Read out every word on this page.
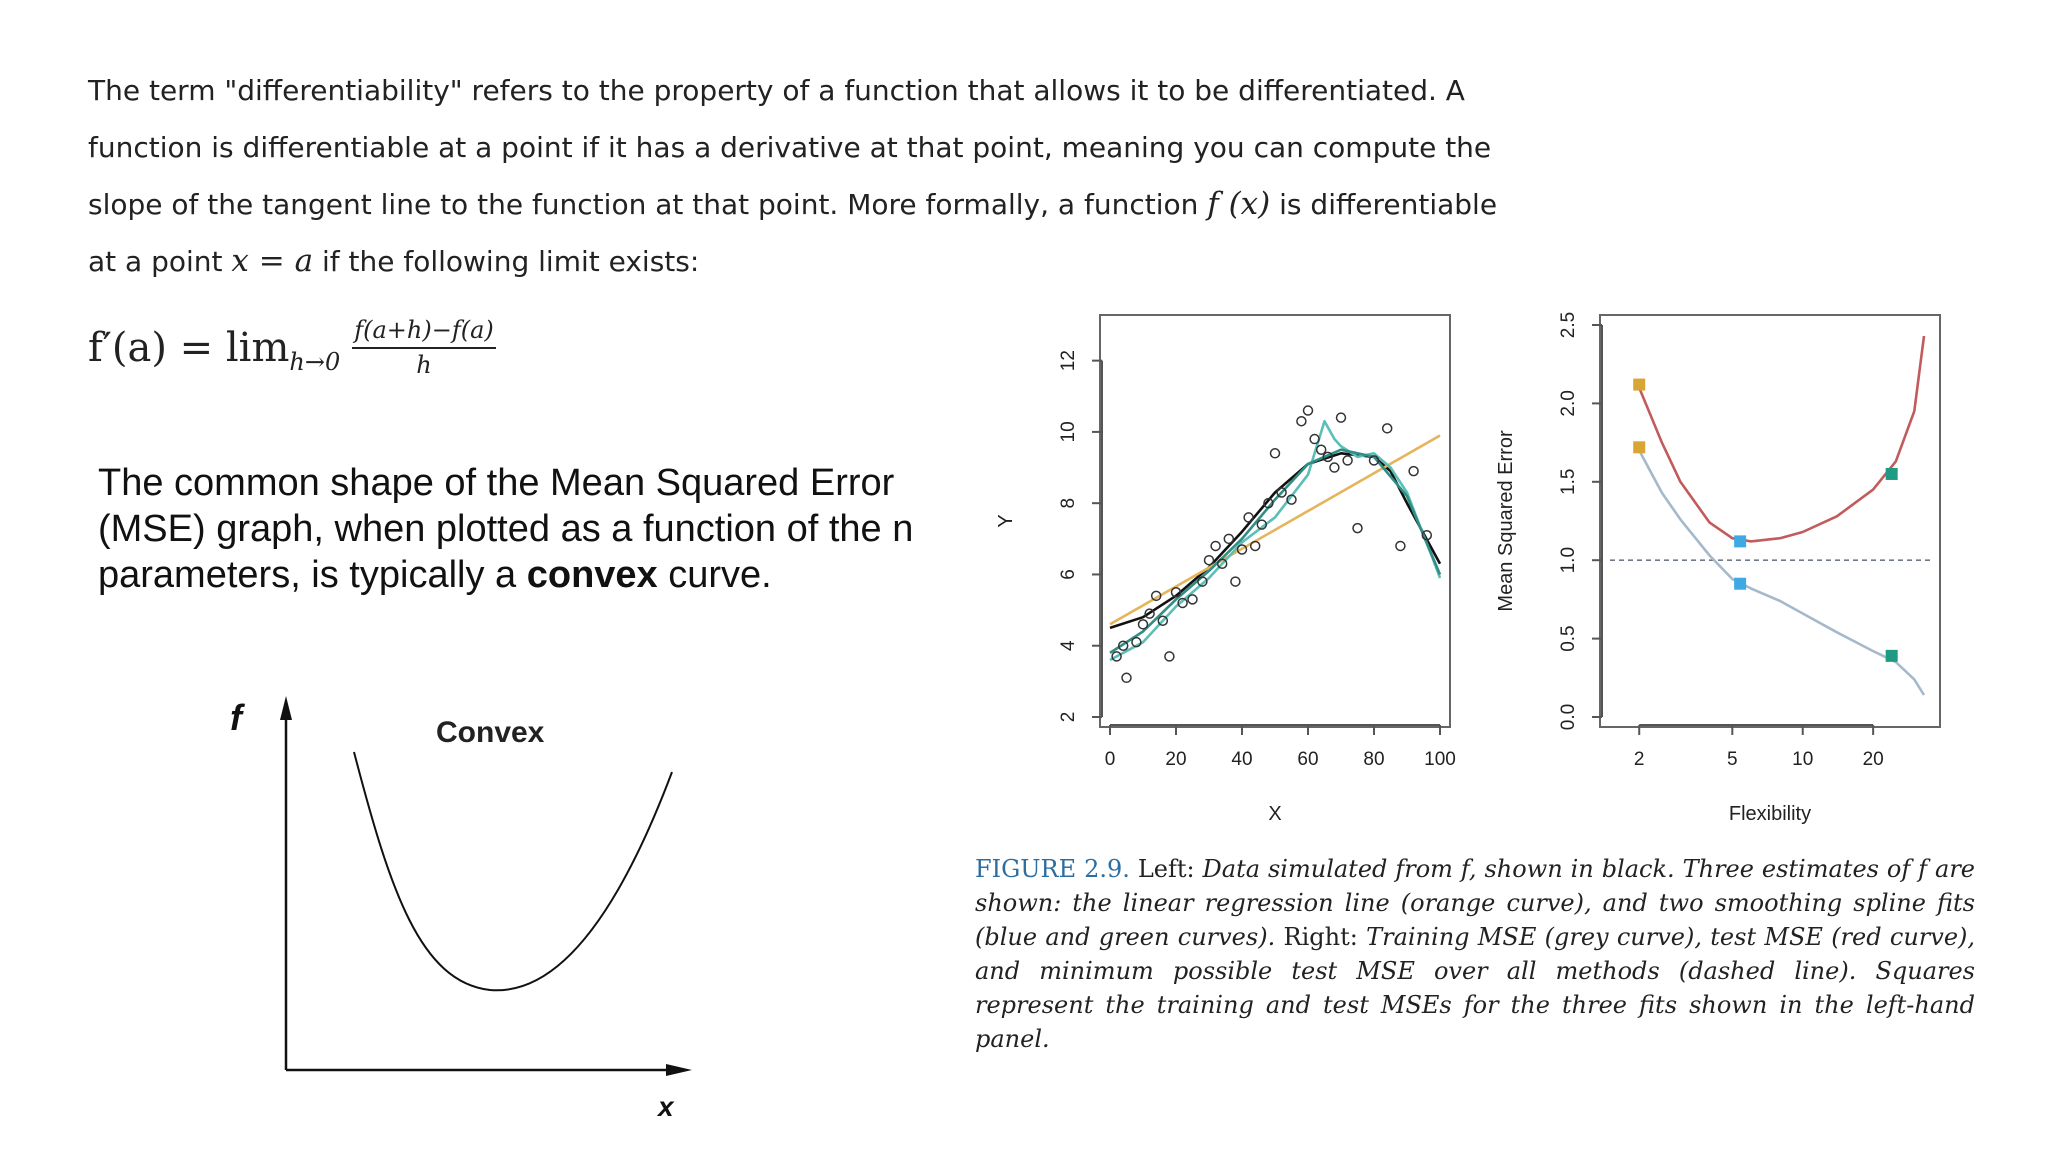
The term "differentiability" refers to the property of a function that allows it to be differentiated. A function is differentiable at a point if it has a derivative at that point, meaning you can compute the slope of the tangent line to the function at that point. More formally, a function f (x) is differentiable at a point x = a if the following limit exists:
$f'(a) = \lim h\to 0 \frac{f(a+h)-f(a)}{h}$
The common shape of the Mean Squared Error
(MSE) graph, when plotted as a function of the n
parameters, is typically a convex curve.
f
x
Convex
0	20 40 60 80 100
2
4
6
8
10
12
X
Y
2	5	10	20
0.0
0.5
1.0
1.5
2.0
2.5
Flexibility
Mean Squared Error
FIGURE 2.9. Left: Data simulated from f, shown in black. Three estimates of f are shown: the linear regression line (orange curve), and two smoothing spline fits (blue and green curves). Right: Training MSE (grey curve), test MSE (red curve), and minimum possible test MSE over all methods (dashed line). Squares represent the training and test MSEs for the three fits shown in the left-hand panel.
